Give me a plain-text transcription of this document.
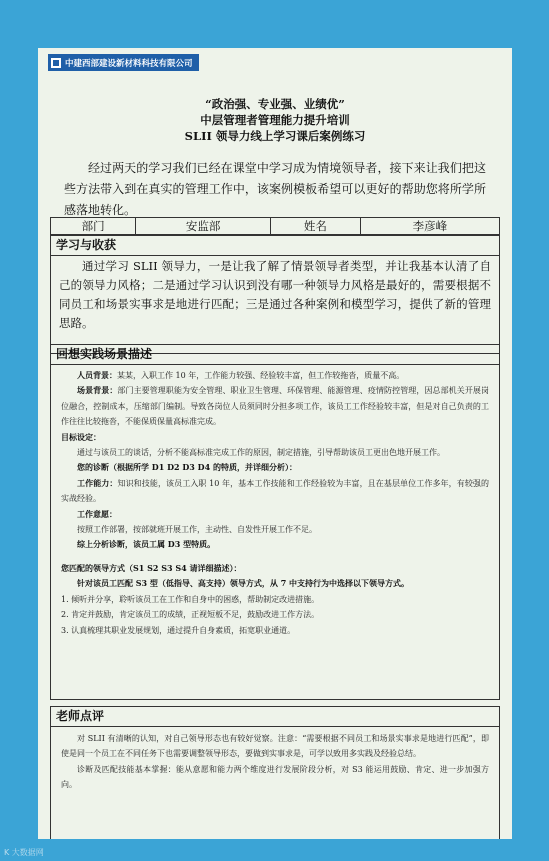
中建西部建设新材料科技有限公司
“政治强、专业强、业绩优”
中层管理者管理能力提升培训
SLII 领导力线上学习课后案例练习
经过两天的学习我们已经在课堂中学习成为情境领导者，接下来让我们把这些方法带入到在真实的管理工作中，该案例模板希望可以更好的帮助您将所学所感落地转化。
部门	安监部	姓名	李彦峰
学习与收获
通过学习 SLII 领导力，一是让我了解了情景领导者类型，并让我基本认清了自己的领导力风格；二是通过学习认识到没有哪一种领导力风格是最好的，需要根据不同员工和场景实事求是地进行匹配；三是通过各种案例和模型学习，提供了新的管理思路。
回想实践场景描述

人员背景：某某，入职工作 10 年，工作能力较强、经验较丰富，但工作较拖沓，质量不高。

场景背景：部门主要管理职能为安全管理、职业卫生管理、环保管理、能源管理、疫情防控管理，因总部机关开展岗位融合，控制成本，压缩部门编制。导致各岗位人员须同时分担多项工作，该员工工作经验较丰富，但是对自己负责的工作往往比较拖沓，不能保质保量高标准完成。

目标设定：

通过与该员工的谈话，分析不能高标准完成工作的原因，制定措施，引导帮助该员工更出色地开展工作。

您的诊断（根据所学 D1 D2 D3 D4 的特质，并详细分析）：

工作能力：知识和技能，该员工入职 10 年，基本工作技能和工作经验较为丰富，且在基层单位工作多年，有较强的实战经验。

工作意愿：

按照工作部署，按部就班开展工作，主动性、自发性开展工作不足。

综上分析诊断，该员工属 D3 型特质。

您匹配的领导方式（S1 S2 S3 S4 请详细描述）：

针对该员工匹配 S3 型（低指导、高支持）领导方式，从 7 中支持行为中选择以下领导方式。

1. 倾听并分享，聆听该员工在工作和自身中的困惑，帮助制定改进措施。

2. 肯定并鼓励，肯定该员工的成绩，正视短板不足，鼓励改进工作方法。

3. 认真梳理其职业发展规划，通过提升自身素质，拓宽职业通道。

老师点评

对 SLII 有清晰的认知，对自己领导形态也有较好觉察。注意：“需要根据不同员工和场景实事求是地进行匹配”，即使是同一个员工在不同任务下也需要调整领导形态，要做到实事求是，可学以致用多实践及经验总结。

诊断及匹配技能基本掌握：能从意愿和能力两个维度进行发展阶段分析，对 S3 能运用鼓励、肯定、进一步加强方向。

K 大数据网
